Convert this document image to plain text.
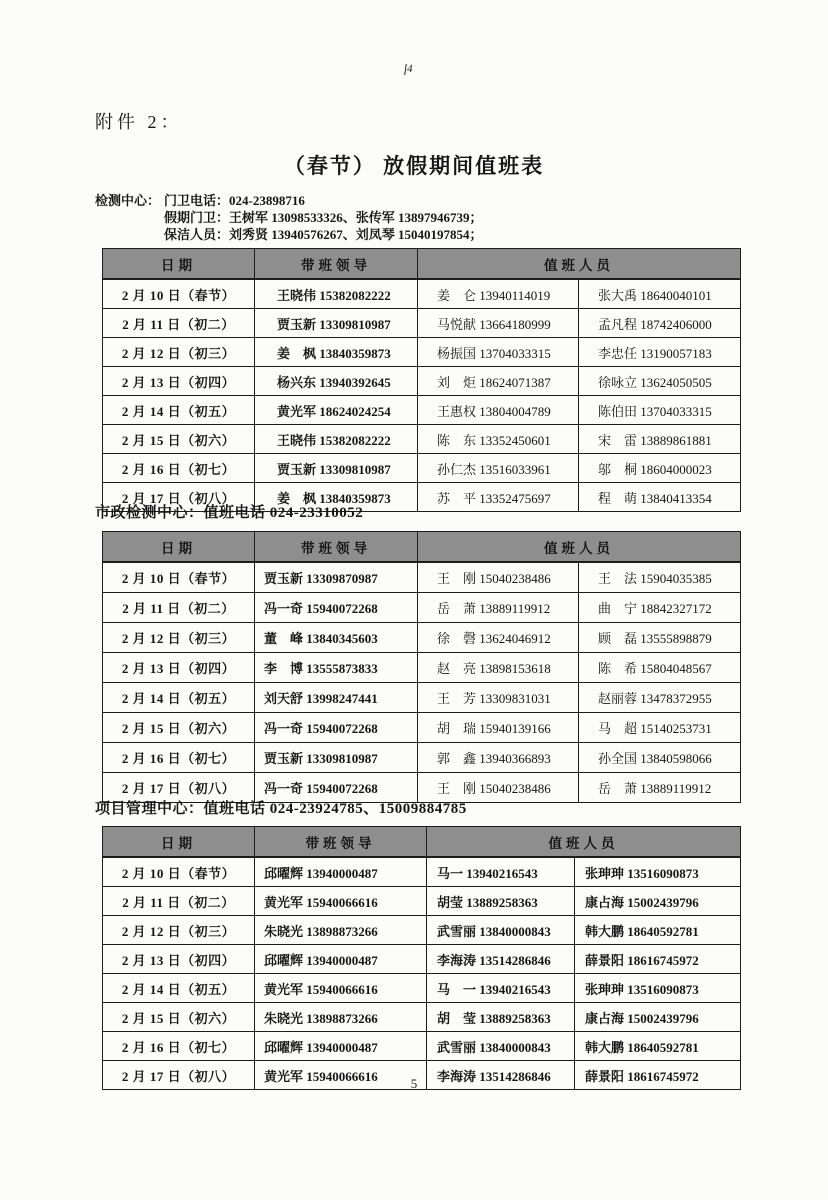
4
附件 2：
（春节） 放假期间值班表
检测中心： 门卫电话：024-23898716
假期门卫：王树军 13098533326、张传军 13897946739；
保洁人员：刘秀贤 13940576267、刘凤琴 15040197854；
日期	带班领导	值班人员	
2 月 10 日（春节）	王晓伟 15382082222	姜　仑 13940114019	张大禹 18640040101
2 月 11 日（初二）	贾玉新 13309810987	马悦献 13664180999	孟凡程 18742406000
2 月 12 日（初三）	姜　枫 13840359873	杨振国 13704033315	李忠任 13190057183
2 月 13 日（初四）	杨兴东 13940392645	刘　炬 18624071387	徐咏立 13624050505
2 月 14 日（初五）	黄光军 18624024254	王惠权 13804004789	陈伯田 13704033315
2 月 15 日（初六）	王晓伟 15382082222	陈　东 13352450601	宋　雷 13889861881
2 月 16 日（初七）	贾玉新 13309810987	孙仁杰 13516033961	邬　桐 18604000023
2 月 17 日（初八）	姜　枫 13840359873	苏　平 13352475697	程　萌 13840413354
市政检测中心：值班电话 024-23310052
日期	带班领导	值班人员	
2 月 10 日（春节）	贾玉新 13309870987	王　刚 15040238486	王　法 15904035385
2 月 11 日（初二）	冯一奇 15940072268	岳　萧 13889119912	曲　宁 18842327172
2 月 12 日（初三）	董　峰 13840345603	徐　磬 13624046912	顾　磊 13555898879
2 月 13 日（初四）	李　博 13555873833	赵　亮 13898153618	陈　希 15804048567
2 月 14 日（初五）	刘天舒 13998247441	王　芳 13309831031	赵丽蓉 13478372955
2 月 15 日（初六）	冯一奇 15940072268	胡　瑞 15940139166	马　超 15140253731
2 月 16 日（初七）	贾玉新 13309810987	郭　鑫 13940366893	孙全国 13840598066
2 月 17 日（初八）	冯一奇 15940072268	王　刚 15040238486	岳　萧 13889119912
项目管理中心：值班电话 024-23924785、15009884785
日期	带班领导	值班人员	
2 月 10 日（春节）	邱曜辉 13940000487	马一 13940216543	张珅珅 13516090873
2 月 11 日（初二）	黄光军 15940066616	胡莹 13889258363	康占海 15002439796
2 月 12 日（初三）	朱晓光 13898873266	武雪丽 13840000843	韩大鹏 18640592781
2 月 13 日（初四）	邱曜辉 13940000487	李海涛 13514286846	薛景阳 18616745972
2 月 14 日（初五）	黄光军 15940066616	马　一 13940216543	张珅珅 13516090873
2 月 15 日（初六）	朱晓光 13898873266	胡　莹 13889258363	康占海 15002439796
2 月 16 日（初七）	邱曜辉 13940000487	武雪丽 13840000843	韩大鹏 18640592781
2 月 17 日（初八）	黄光军 15940066616	李海涛 13514286846	薛景阳 18616745972
5
